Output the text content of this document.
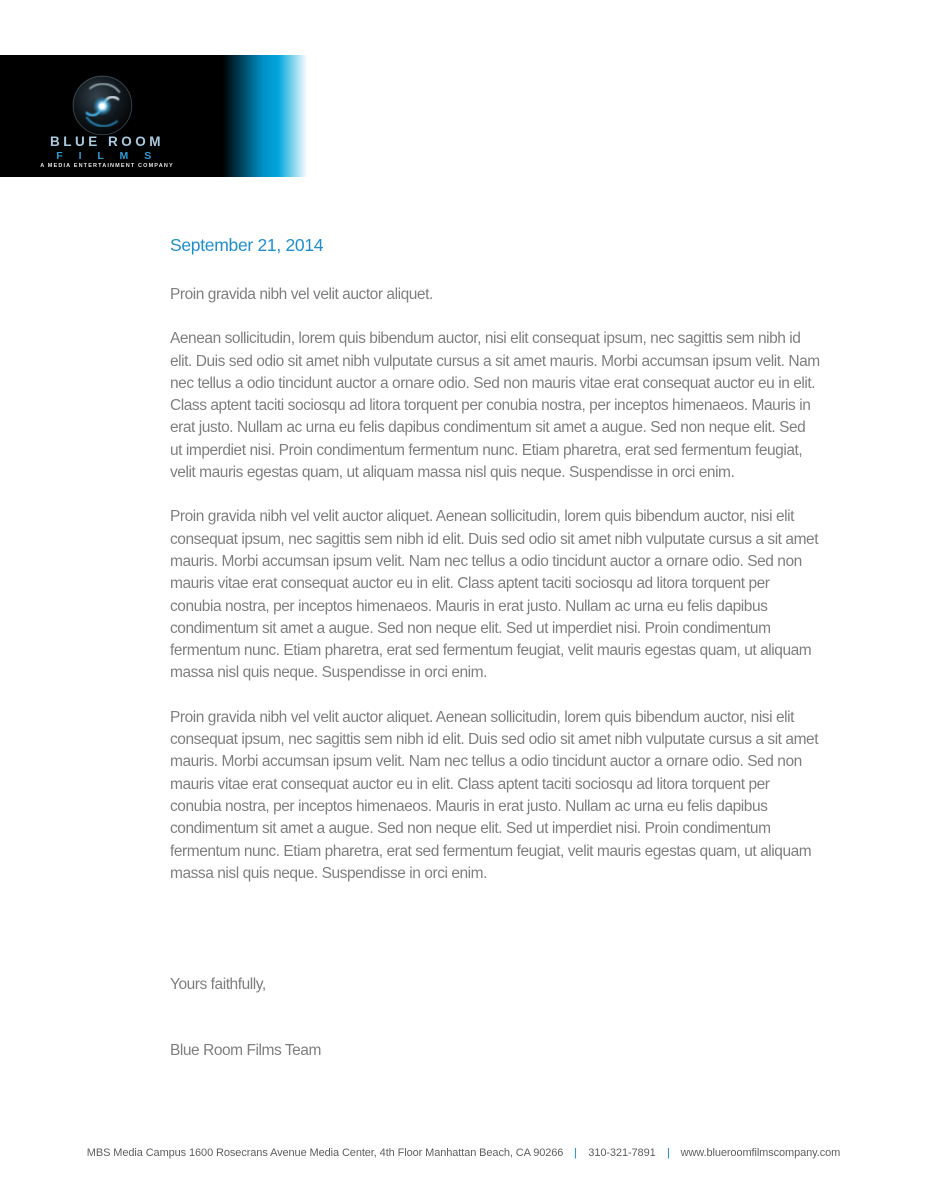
BLUE ROOM
F I L M S
A MEDIA ENTERTAINMENT COMPANY

September 21, 2014

Proin gravida nibh vel velit auctor aliquet.

Aenean sollicitudin, lorem quis bibendum auctor, nisi elit consequat ipsum, nec sagittis sem nibh id elit. Duis sed odio sit amet nibh vulputate cursus a sit amet mauris. Morbi accumsan ipsum velit. Nam nec tellus a odio tincidunt auctor a ornare odio. Sed non mauris vitae erat consequat auctor eu in elit. Class aptent taciti sociosqu ad litora torquent per conubia nostra, per inceptos himenaeos. Mauris in erat justo. Nullam ac urna eu felis dapibus condimentum sit amet a augue. Sed non neque elit. Sed ut imperdiet nisi. Proin condimentum fermentum nunc. Etiam pharetra, erat sed fermentum feugiat, velit mauris egestas quam, ut aliquam massa nisl quis neque. Suspendisse in orci enim.

Proin gravida nibh vel velit auctor aliquet. Aenean sollicitudin, lorem quis bibendum auctor, nisi elit consequat ipsum, nec sagittis sem nibh id elit. Duis sed odio sit amet nibh vulputate cursus a sit amet mauris. Morbi accumsan ipsum velit. Nam nec tellus a odio tincidunt auctor a ornare odio. Sed non mauris vitae erat consequat auctor eu in elit. Class aptent taciti sociosqu ad litora torquent per conubia nostra, per inceptos himenaeos. Mauris in erat justo. Nullam ac urna eu felis dapibus condimentum sit amet a augue. Sed non neque elit. Sed ut imperdiet nisi. Proin condimentum fermentum nunc. Etiam pharetra, erat sed fermentum feugiat, velit mauris egestas quam, ut aliquam massa nisl quis neque. Suspendisse in orci enim.

Proin gravida nibh vel velit auctor aliquet. Aenean sollicitudin, lorem quis bibendum auctor, nisi elit consequat ipsum, nec sagittis sem nibh id elit. Duis sed odio sit amet nibh vulputate cursus a sit amet mauris. Morbi accumsan ipsum velit. Nam nec tellus a odio tincidunt auctor a ornare odio. Sed non mauris vitae erat consequat auctor eu in elit. Class aptent taciti sociosqu ad litora torquent per conubia nostra, per inceptos himenaeos. Mauris in erat justo. Nullam ac urna eu felis dapibus condimentum sit amet a augue. Sed non neque elit. Sed ut imperdiet nisi. Proin condimentum fermentum nunc. Etiam pharetra, erat sed fermentum feugiat, velit mauris egestas quam, ut aliquam massa nisl quis neque. Suspendisse in orci enim.

Yours faithfully,

Blue Room Films Team

MBS Media Campus 1600 Rosecrans Avenue Media Center, 4th Floor Manhattan Beach, CA 90266 | 310-321-7891 | www.blueroomfilmscompany.com
